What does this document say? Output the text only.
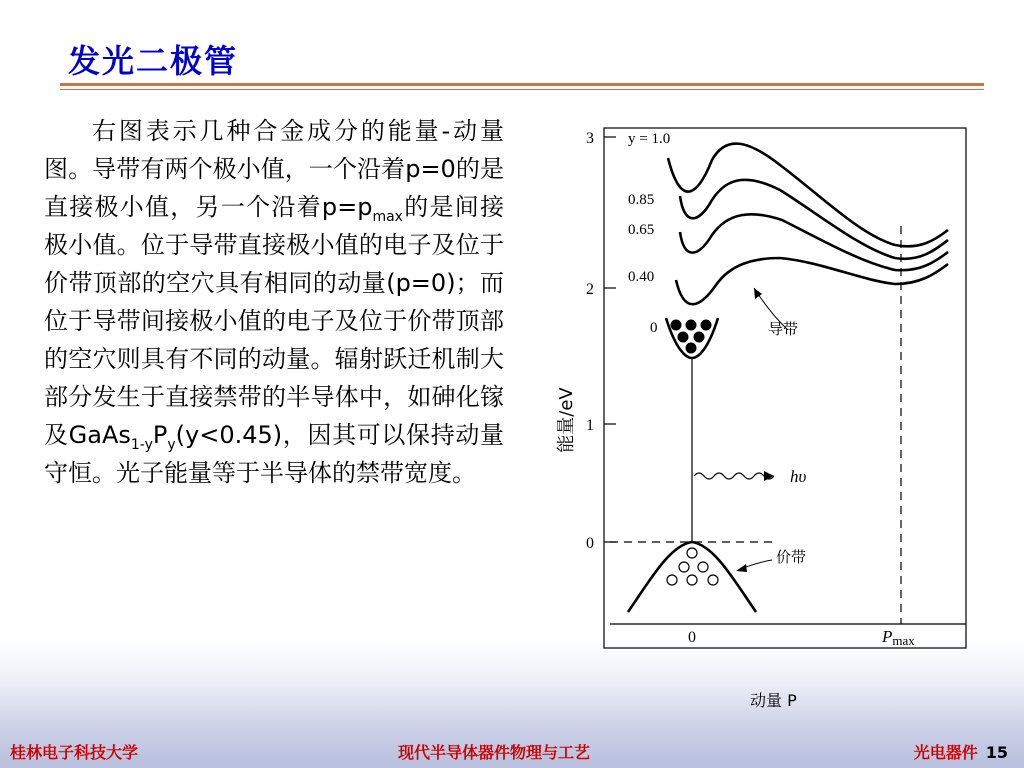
发光二极管

右图表示几种合金成分的能量-动量图。导带有两个极小值，一个沿着p=0的是直接极小值，另一个沿着$p=p_{max}$的是间接极小值。位于导带直接极小值的电子及位于价带顶部的空穴具有相同的动量(p=0)；而位于导带间接极小值的电子及位于价带顶部的空穴则具有不同的动量。辐射跃迁机制大部分发生于直接禁带的半导体中，如砷化镓及$GaAs_{1-y}P_y(y<0.45)$，因其可以保持动量守恒。光子能量等于半导体的禁带宽度。

3
2
1
0
能量/eV
0	Pmax
y = 1.0
0.85
0.65
0.40
0
hυ
导带
价带
动量 P
桂林电子科技大学	现代半导体器件物理与工艺	光电器件 15
